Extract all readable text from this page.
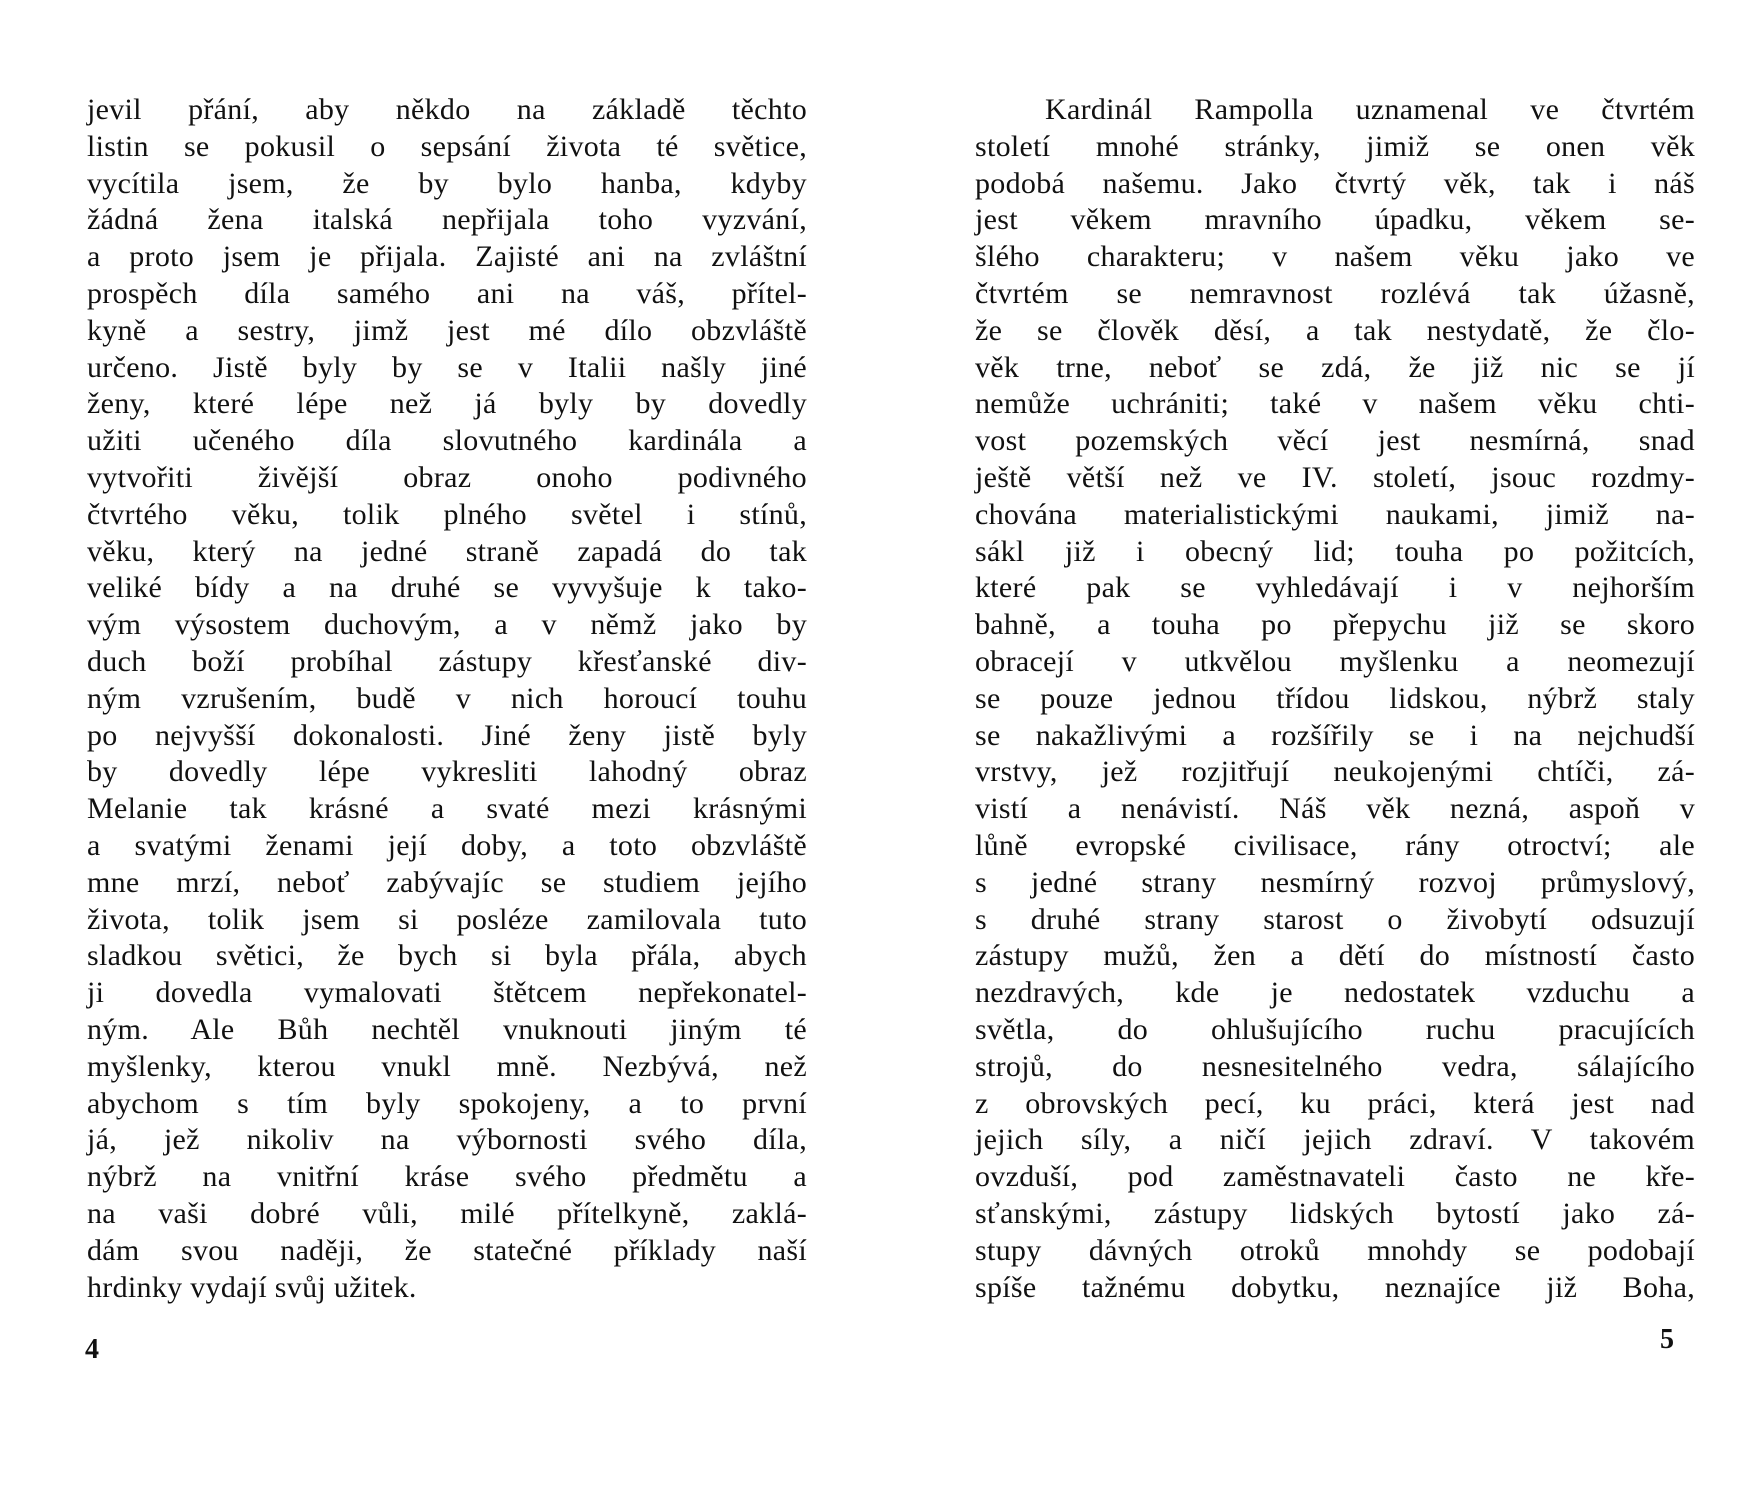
jevil přání, aby někdo na základě těchto
listin se pokusil o sepsání života té světice,
vycítila jsem, že by bylo hanba, kdyby
žádná žena italská nepřijala toho vyzvání,
a proto jsem je přijala. Zajisté ani na zvláštní
prospěch díla samého ani na váš, přítel-
kyně a sestry, jimž jest mé dílo obzvláště
určeno. Jistě byly by se v Italii našly jiné
ženy, které lépe než já byly by dovedly
užiti učeného díla slovutného kardinála a
vytvořiti živější obraz onoho podivného
čtvrtého věku, tolik plného světel i stínů,
věku, který na jedné straně zapadá do tak
veliké bídy a na druhé se vyvyšuje k tako-
vým výsostem duchovým, a v němž jako by
duch boží probíhal zástupy křesťanské div-
ným vzrušením, budě v nich horoucí touhu
po nejvyšší dokonalosti. Jiné ženy jistě byly
by dovedly lépe vykresliti lahodný obraz
Melanie tak krásné a svaté mezi krásnými
a svatými ženami její doby, a toto obzvláště
mne mrzí, neboť zabývajíc se studiem jejího
života, tolik jsem si posléze zamilovala tuto
sladkou světici, že bych si byla přála, abych
ji dovedla vymalovati štětcem nepřekonatel-
ným. Ale Bůh nechtěl vnuknouti jiným té
myšlenky, kterou vnukl mně. Nezbývá, než
abychom s tím byly spokojeny, a to první
já, jež nikoliv na výbornosti svého díla,
nýbrž na vnitřní kráse svého předmětu a
na vaši dobré vůli, milé přítelkyně, zaklá-
dám svou naději, že statečné příklady naší
hrdinky vydají svůj užitek.
4
Kardinál Rampolla uznamenal ve čtvrtém
století mnohé stránky, jimiž se onen věk
podobá našemu. Jako čtvrtý věk, tak i náš
jest věkem mravního úpadku, věkem se-
šlého charakteru; v našem věku jako ve
čtvrtém se nemravnost rozlévá tak úžasně,
že se člověk děsí, a tak nestydatě, že člo-
věk trne, neboť se zdá, že již nic se jí
nemůže uchrániti; také v našem věku chti-
vost pozemských věcí jest nesmírná, snad
ještě větší než ve IV. století, jsouc rozdmy-
chována materialistickými naukami, jimiž na-
sákl již i obecný lid; touha po požitcích,
které pak se vyhledávají i v nejhorším
bahně, a touha po přepychu již se skoro
obracejí v utkvělou myšlenku a neomezují
se pouze jednou třídou lidskou, nýbrž staly
se nakažlivými a rozšířily se i na nejchudší
vrstvy, jež rozjitřují neukojenými chtíči, zá-
vistí a nenávistí. Náš věk nezná, aspoň v
lůně evropské civilisace, rány otroctví; ale
s jedné strany nesmírný rozvoj průmyslový,
s druhé strany starost o živobytí odsuzují
zástupy mužů, žen a dětí do místností často
nezdravých, kde je nedostatek vzduchu a
světla, do ohlušujícího ruchu pracujících
strojů, do nesnesitelného vedra, sálajícího
z obrovských pecí, ku práci, která jest nad
jejich síly, a ničí jejich zdraví. V takovém
ovzduší, pod zaměstnavateli často ne kře-
sťanskými, zástupy lidských bytostí jako zá-
stupy dávných otroků mnohdy se podobají
spíše tažnému dobytku, neznajíce již Boha,
5
